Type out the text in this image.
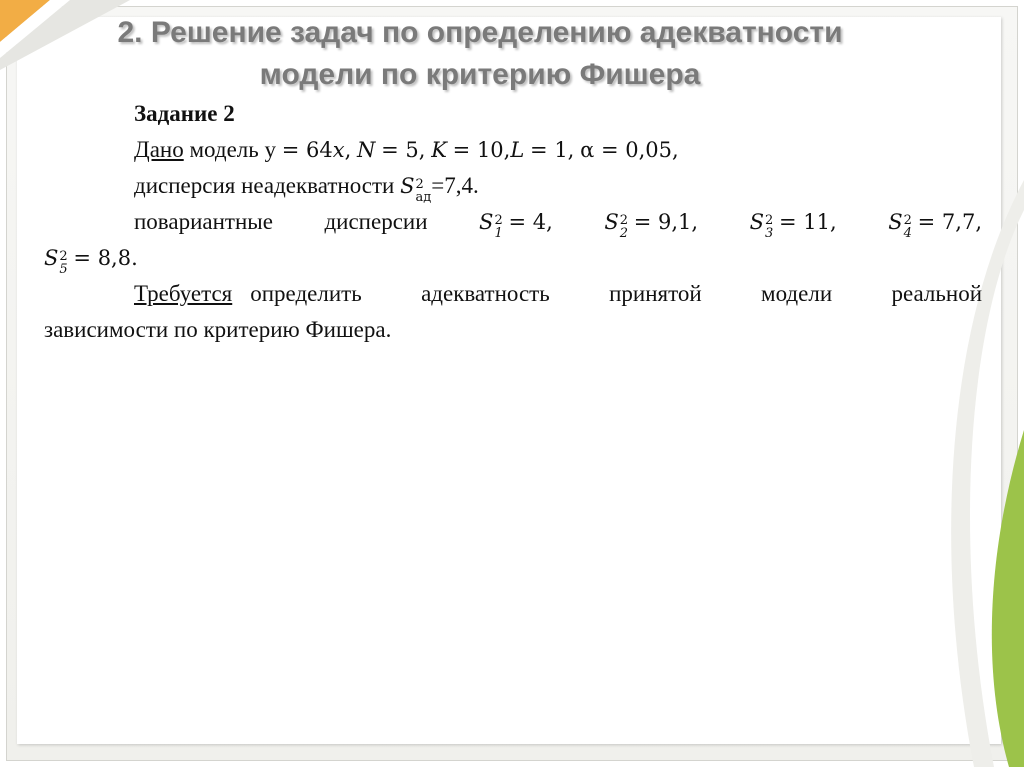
2. Решение задач по определению адекватности
модели по критерию Фишера

Задание 2

Дано модель y = 64x, N = 5, K = 10,L = 1, α = 0,05,

дисперсия неадекватности S 2
ад =7,4.

повариантные дисперсии S 2
1 = 4, S 2
2 = 9,1, S 2
3 = 11, S 2
4 = 7,7,

S 2
5 = 8,8.

Требуется определить адекватность принятой модели реальной

зависимости по критерию Фишера.
